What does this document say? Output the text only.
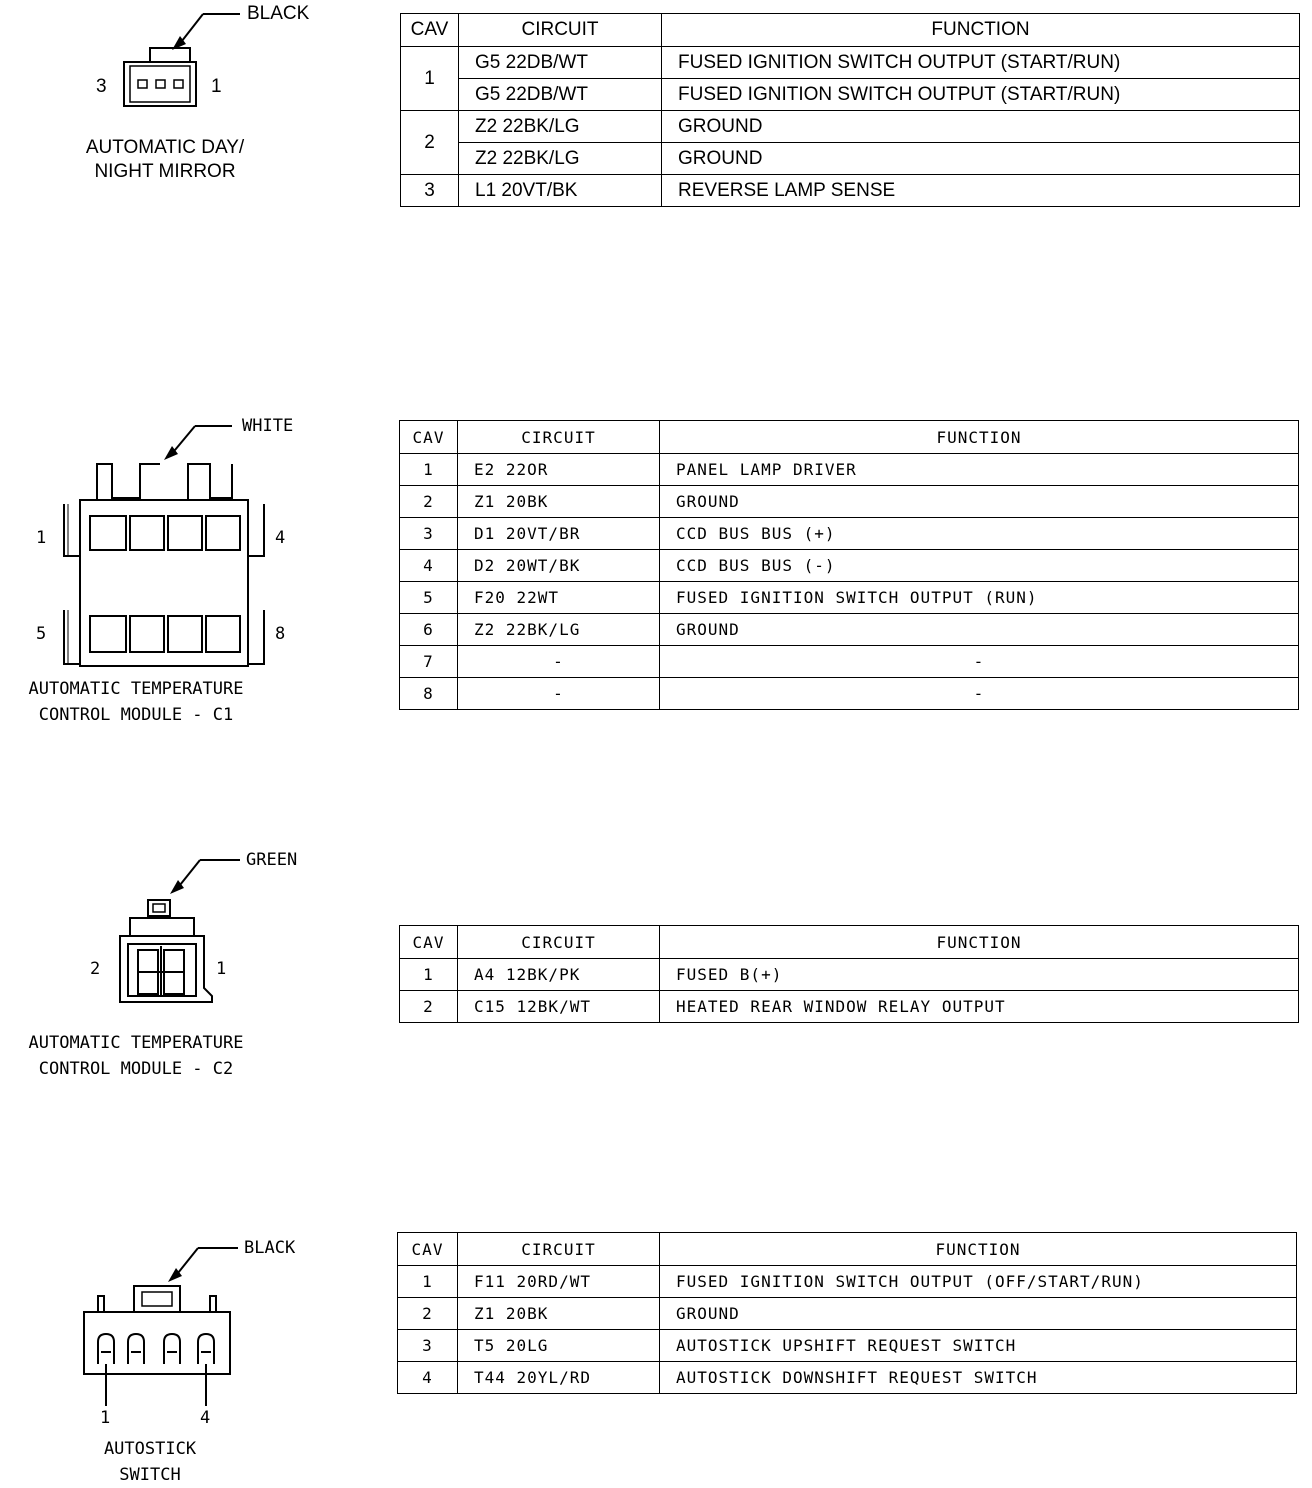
BLACK
3	1
AUTOMATIC DAY/
NIGHT MIRROR
CAV	CIRCUIT	FUNCTION
1	G5 22DB/WT	FUSED IGNITION SWITCH OUTPUT (START/RUN)
	G5 22DB/WT	FUSED IGNITION SWITCH OUTPUT (START/RUN)
2	Z2 22BK/LG	GROUND
	Z2 22BK/LG	GROUND
3	L1 20VT/BK	REVERSE LAMP SENSE
WHITE
1	4
5	8
AUTOMATIC TEMPERATURE
CONTROL MODULE - C1
CAV	CIRCUIT	FUNCTION
1	E2 22OR	PANEL LAMP DRIVER
2	Z1 20BK	GROUND
3	D1 20VT/BR	CCD BUS BUS (+)
4	D2 20WT/BK	CCD BUS BUS (-)
5	F20 22WT	FUSED IGNITION SWITCH OUTPUT (RUN)
6	Z2 22BK/LG	GROUND
7	-	-
8	-	-
GREEN
2	1
AUTOMATIC TEMPERATURE
CONTROL MODULE - C2
CAV	CIRCUIT	FUNCTION
1	A4 12BK/PK	FUSED B(+)
2	C15 12BK/WT	HEATED REAR WINDOW RELAY OUTPUT
BLACK
1	4
AUTOSTICK
SWITCH
CAV	CIRCUIT	FUNCTION
1	F11 20RD/WT	FUSED IGNITION SWITCH OUTPUT (OFF/START/RUN)
2	Z1 20BK	GROUND
3	T5 20LG	AUTOSTICK UPSHIFT REQUEST SWITCH
4	T44 20YL/RD	AUTOSTICK DOWNSHIFT REQUEST SWITCH
